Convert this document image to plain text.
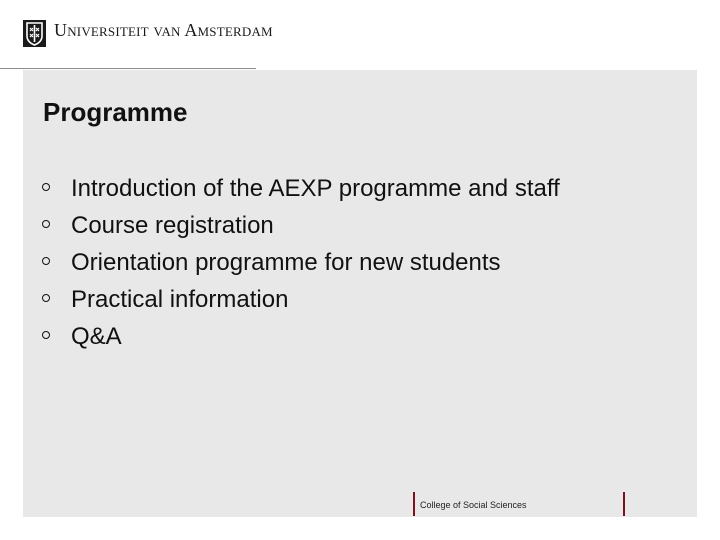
Universiteit van Amsterdam
Programme
Introduction of the AEXP programme and staff
Course registration
Orientation programme for new students
Practical information
Q&A
College of Social Sciences
